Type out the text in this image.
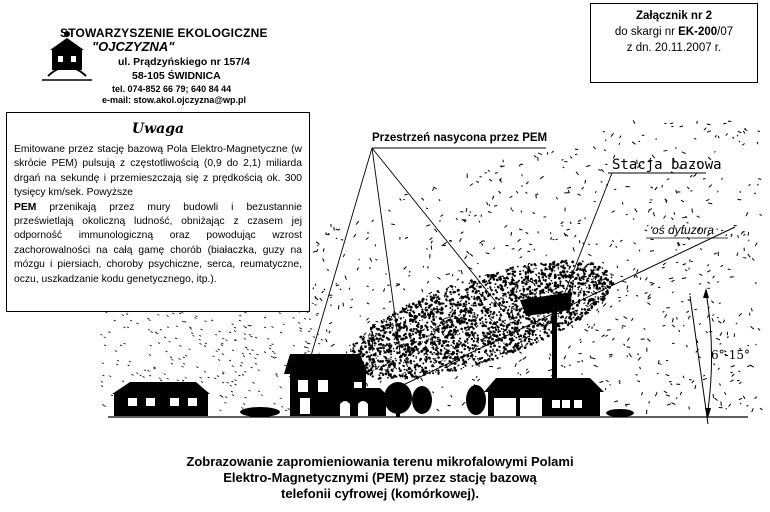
STOWARZYSZENIE EKOLOGICZNE
"OJCZYZNA"
ul. Prądzyńskiego nr 157/4
58-105 ŚWIDNICA
tel. 074-852 66 79; 640 84 44
e-mail: stow.akol.ojczyzna@wp.pl
Załącznik nr 2
do skargi nr EK-200/07
z dn. 20.11.2007 r.
Uwaga
Emitowane przez stację bazową Pola Elektro-Magnetyczne (w skrócie PEM) pulsują z częstotliwością (0,9 do 2,1) miliarda drgań na sekundę i przemieszczają się z prędkością ok. 300 tysięcy km/sek. Powyższe
PEM przenikają przez mury budowli i bezustannie prześwietlają okoliczną ludność, obniżając z czasem jej odporność immunologiczną oraz powodując wzrost zachorowalności na całą gamę chorób (białaczka, guzy na mózgu i piersiach, choroby psychiczne, serca, reumatyczne, oczu, uszkadzanie kodu genetycznego, itp.).
Przestrzeń nasycona przez PEM
Stacja bazowa
oś dyfuzora
6°-15°
Zobrazowanie zapromieniowania terenu mikrofalowymi Polami
Elektro-Magnetycznymi (PEM) przez stację bazową
telefonii cyfrowej (komórkowej).
